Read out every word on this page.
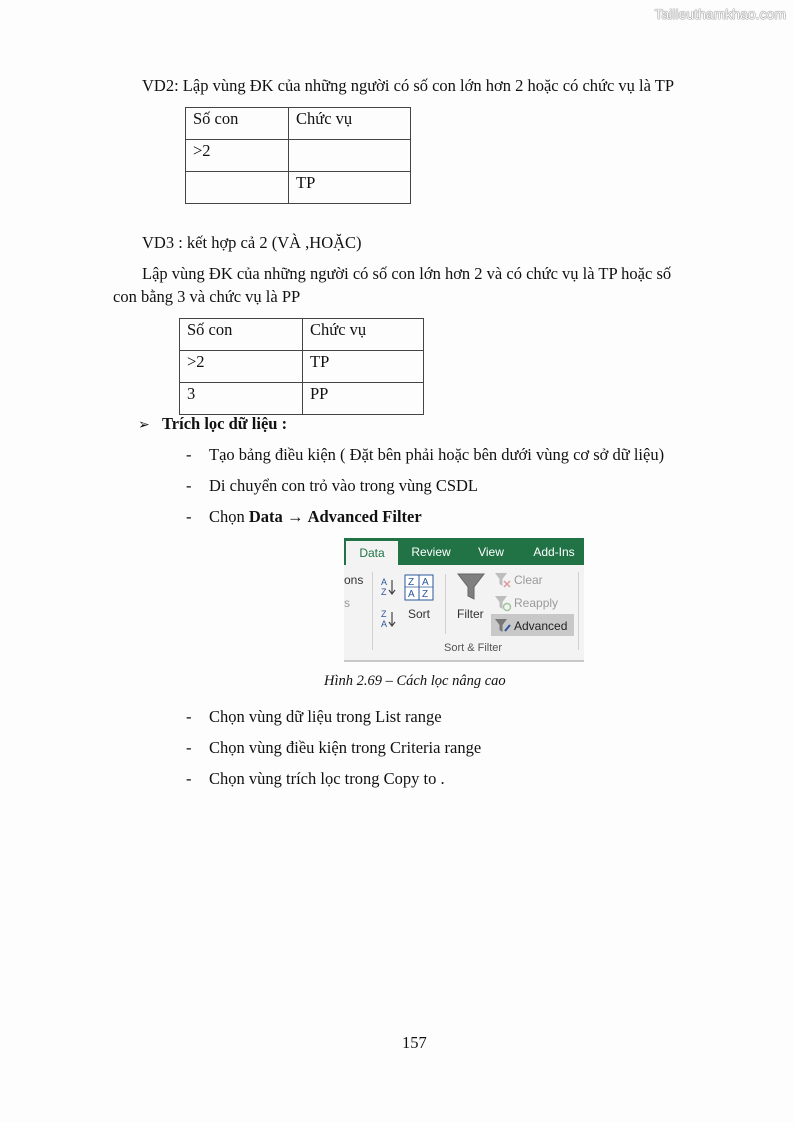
Tailieuthamkhao.com
VD2: Lập vùng ĐK của những người có số con lớn hơn 2 hoặc có chức vụ là TP
Số con	Chức vụ
>2	
	TP
VD3 : kết hợp cả 2 (VÀ ,HOẶC)
Lập vùng ĐK của những người có số con lớn hơn 2 và có chức vụ là TP hoặc số
con bằng 3 và chức vụ là PP
Số con	Chức vụ
>2	TP
3	PP
➢ Trích lọc dữ liệu :
- Tạo bảng điều kiện ( Đặt bên phải hoặc bên dưới vùng cơ sở dữ liệu)
- Di chuyển con trỏ vào trong vùng CSDL
- Chọn Data → Advanced Filter
Data	Review	View	Add-Ins
ons
s
A
Z
Z
A
Z A
A Z
Sort Filter
Clear
Reapply
Advanced
Sort & Filter
Hình 2.69 – Cách lọc nâng cao
- Chọn vùng dữ liệu trong List range
- Chọn vùng điều kiện trong Criteria range
- Chọn vùng trích lọc trong Copy to .
157
